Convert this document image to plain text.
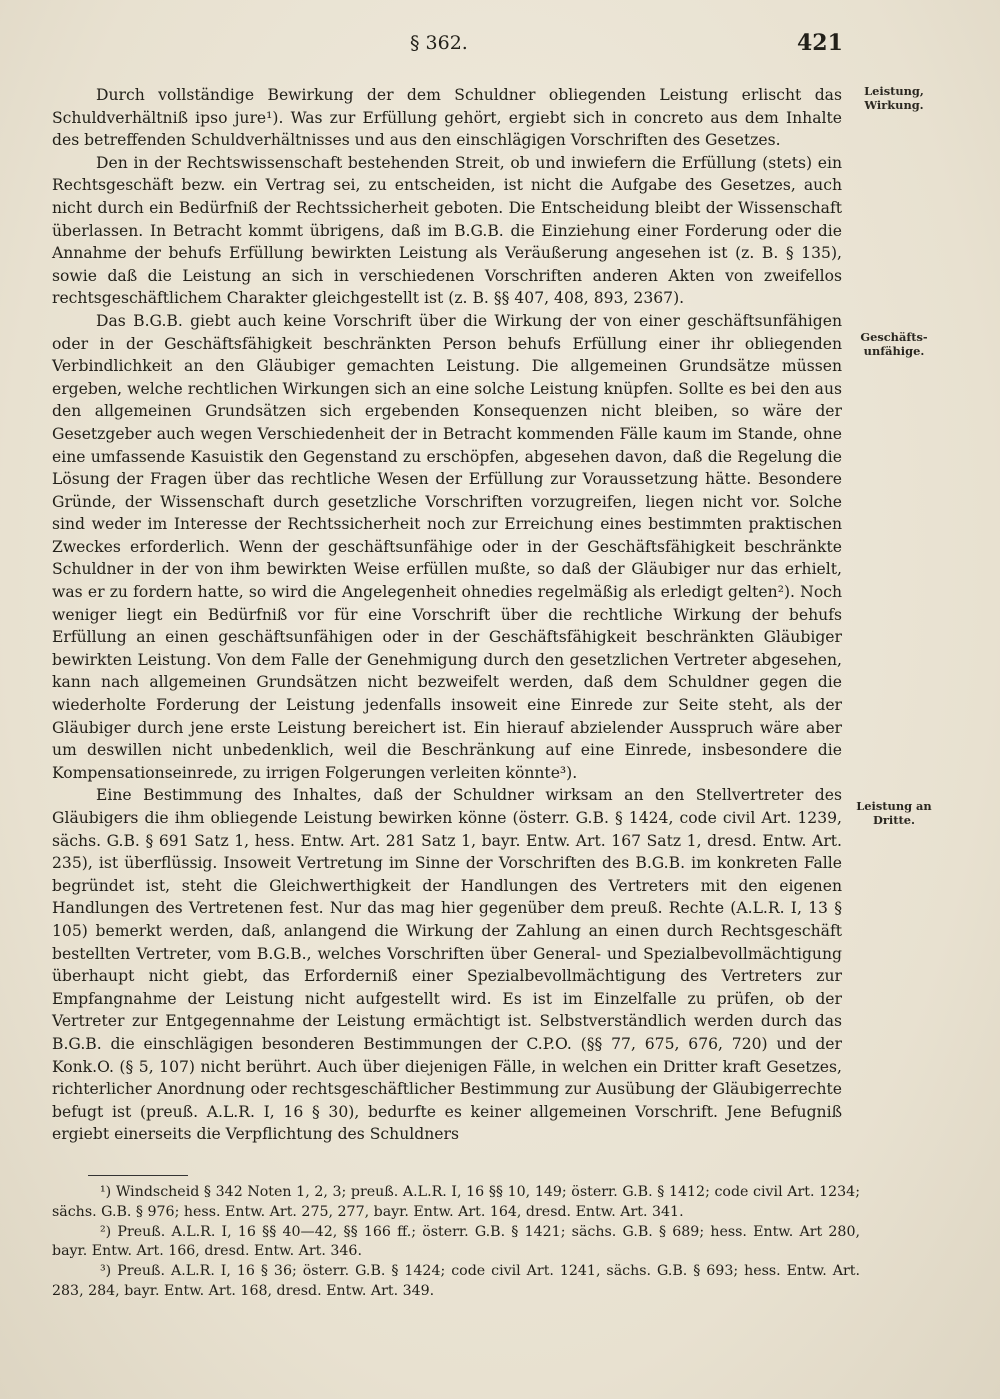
§ 362.	421
Leistung, Wirkung.
Geschäfts-unfähige.
Leistung an Dritte.

Durch vollständige Bewirkung der dem Schuldner obliegenden Leistung erlischt das Schuldverhältniß ipso jure¹). Was zur Erfüllung gehört, ergiebt sich in concreto aus dem Inhalte des betreffenden Schuldverhältnisses und aus den einschlägigen Vorschriften des Gesetzes.

Den in der Rechtswissenschaft bestehenden Streit, ob und inwiefern die Erfüllung (stets) ein Rechtsgeschäft bezw. ein Vertrag sei, zu entscheiden, ist nicht die Aufgabe des Gesetzes, auch nicht durch ein Bedürfniß der Rechtssicherheit geboten. Die Entscheidung bleibt der Wissenschaft überlassen. In Betracht kommt übrigens, daß im B.G.B. die Einziehung einer Forderung oder die Annahme der behufs Erfüllung bewirkten Leistung als Veräußerung angesehen ist (z. B. § 135), sowie daß die Leistung an sich in verschiedenen Vorschriften anderen Akten von zweifellos rechtsgeschäftlichem Charakter gleichgestellt ist (z. B. §§ 407, 408, 893, 2367).

Das B.G.B. giebt auch keine Vorschrift über die Wirkung der von einer geschäftsunfähigen oder in der Geschäftsfähigkeit beschränkten Person behufs Erfüllung einer ihr obliegenden Verbindlichkeit an den Gläubiger gemachten Leistung. Die allgemeinen Grundsätze müssen ergeben, welche rechtlichen Wirkungen sich an eine solche Leistung knüpfen. Sollte es bei den aus den allgemeinen Grundsätzen sich ergebenden Konsequenzen nicht bleiben, so wäre der Gesetzgeber auch wegen Verschiedenheit der in Betracht kommenden Fälle kaum im Stande, ohne eine umfassende Kasuistik den Gegenstand zu erschöpfen, abgesehen davon, daß die Regelung die Lösung der Fragen über das rechtliche Wesen der Erfüllung zur Voraussetzung hätte. Besondere Gründe, der Wissenschaft durch gesetzliche Vorschriften vorzugreifen, liegen nicht vor. Solche sind weder im Interesse der Rechtssicherheit noch zur Erreichung eines bestimmten praktischen Zweckes erforderlich. Wenn der geschäftsunfähige oder in der Geschäftsfähigkeit beschränkte Schuldner in der von ihm bewirkten Weise erfüllen mußte, so daß der Gläubiger nur das erhielt, was er zu fordern hatte, so wird die Angelegenheit ohnedies regelmäßig als erledigt gelten²). Noch weniger liegt ein Bedürfniß vor für eine Vorschrift über die rechtliche Wirkung der behufs Erfüllung an einen geschäftsunfähigen oder in der Geschäftsfähigkeit beschränkten Gläubiger bewirkten Leistung. Von dem Falle der Genehmigung durch den gesetzlichen Vertreter abgesehen, kann nach allgemeinen Grundsätzen nicht bezweifelt werden, daß dem Schuldner gegen die wiederholte Forderung der Leistung jedenfalls insoweit eine Einrede zur Seite steht, als der Gläubiger durch jene erste Leistung bereichert ist. Ein hierauf abzielender Ausspruch wäre aber um deswillen nicht unbedenklich, weil die Beschränkung auf eine Einrede, insbesondere die Kompensationseinrede, zu irrigen Folgerungen verleiten könnte³).

Eine Bestimmung des Inhaltes, daß der Schuldner wirksam an den Stellvertreter des Gläubigers die ihm obliegende Leistung bewirken könne (österr. G.B. § 1424, code civil Art. 1239, sächs. G.B. § 691 Satz 1, hess. Entw. Art. 281 Satz 1, bayr. Entw. Art. 167 Satz 1, dresd. Entw. Art. 235), ist überflüssig. Insoweit Vertretung im Sinne der Vorschriften des B.G.B. im konkreten Falle begründet ist, steht die Gleichwerthigkeit der Handlungen des Vertreters mit den eigenen Handlungen des Vertretenen fest. Nur das mag hier gegenüber dem preuß. Rechte (A.L.R. I, 13 § 105) bemerkt werden, daß, anlangend die Wirkung der Zahlung an einen durch Rechtsgeschäft bestellten Vertreter, vom B.G.B., welches Vorschriften über General- und Spezialbevollmächtigung überhaupt nicht giebt, das Erforderniß einer Spezialbevollmächtigung des Vertreters zur Empfangnahme der Leistung nicht aufgestellt wird. Es ist im Einzelfalle zu prüfen, ob der Vertreter zur Entgegennahme der Leistung ermächtigt ist. Selbstverständlich werden durch das B.G.B. die einschlägigen besonderen Bestimmungen der C.P.O. (§§ 77, 675, 676, 720) und der Konk.O. (§ 5, 107) nicht berührt. Auch über diejenigen Fälle, in welchen ein Dritter kraft Gesetzes, richterlicher Anordnung oder rechtsgeschäftlicher Bestimmung zur Ausübung der Gläubigerrechte befugt ist (preuß. A.L.R. I, 16 § 30), bedurfte es keiner allgemeinen Vorschrift. Jene Befugniß ergiebt einerseits die Verpflichtung des Schuldners

¹) Windscheid § 342 Noten 1, 2, 3; preuß. A.L.R. I, 16 §§ 10, 149; österr. G.B. § 1412; code civil Art. 1234; sächs. G.B. § 976; hess. Entw. Art. 275, 277, bayr. Entw. Art. 164, dresd. Entw. Art. 341.

²) Preuß. A.L.R. I, 16 §§ 40—42, §§ 166 ff.; österr. G.B. § 1421; sächs. G.B. § 689; hess. Entw. Art 280, bayr. Entw. Art. 166, dresd. Entw. Art. 346.

³) Preuß. A.L.R. I, 16 § 36; österr. G.B. § 1424; code civil Art. 1241, sächs. G.B. § 693; hess. Entw. Art. 283, 284, bayr. Entw. Art. 168, dresd. Entw. Art. 349.
